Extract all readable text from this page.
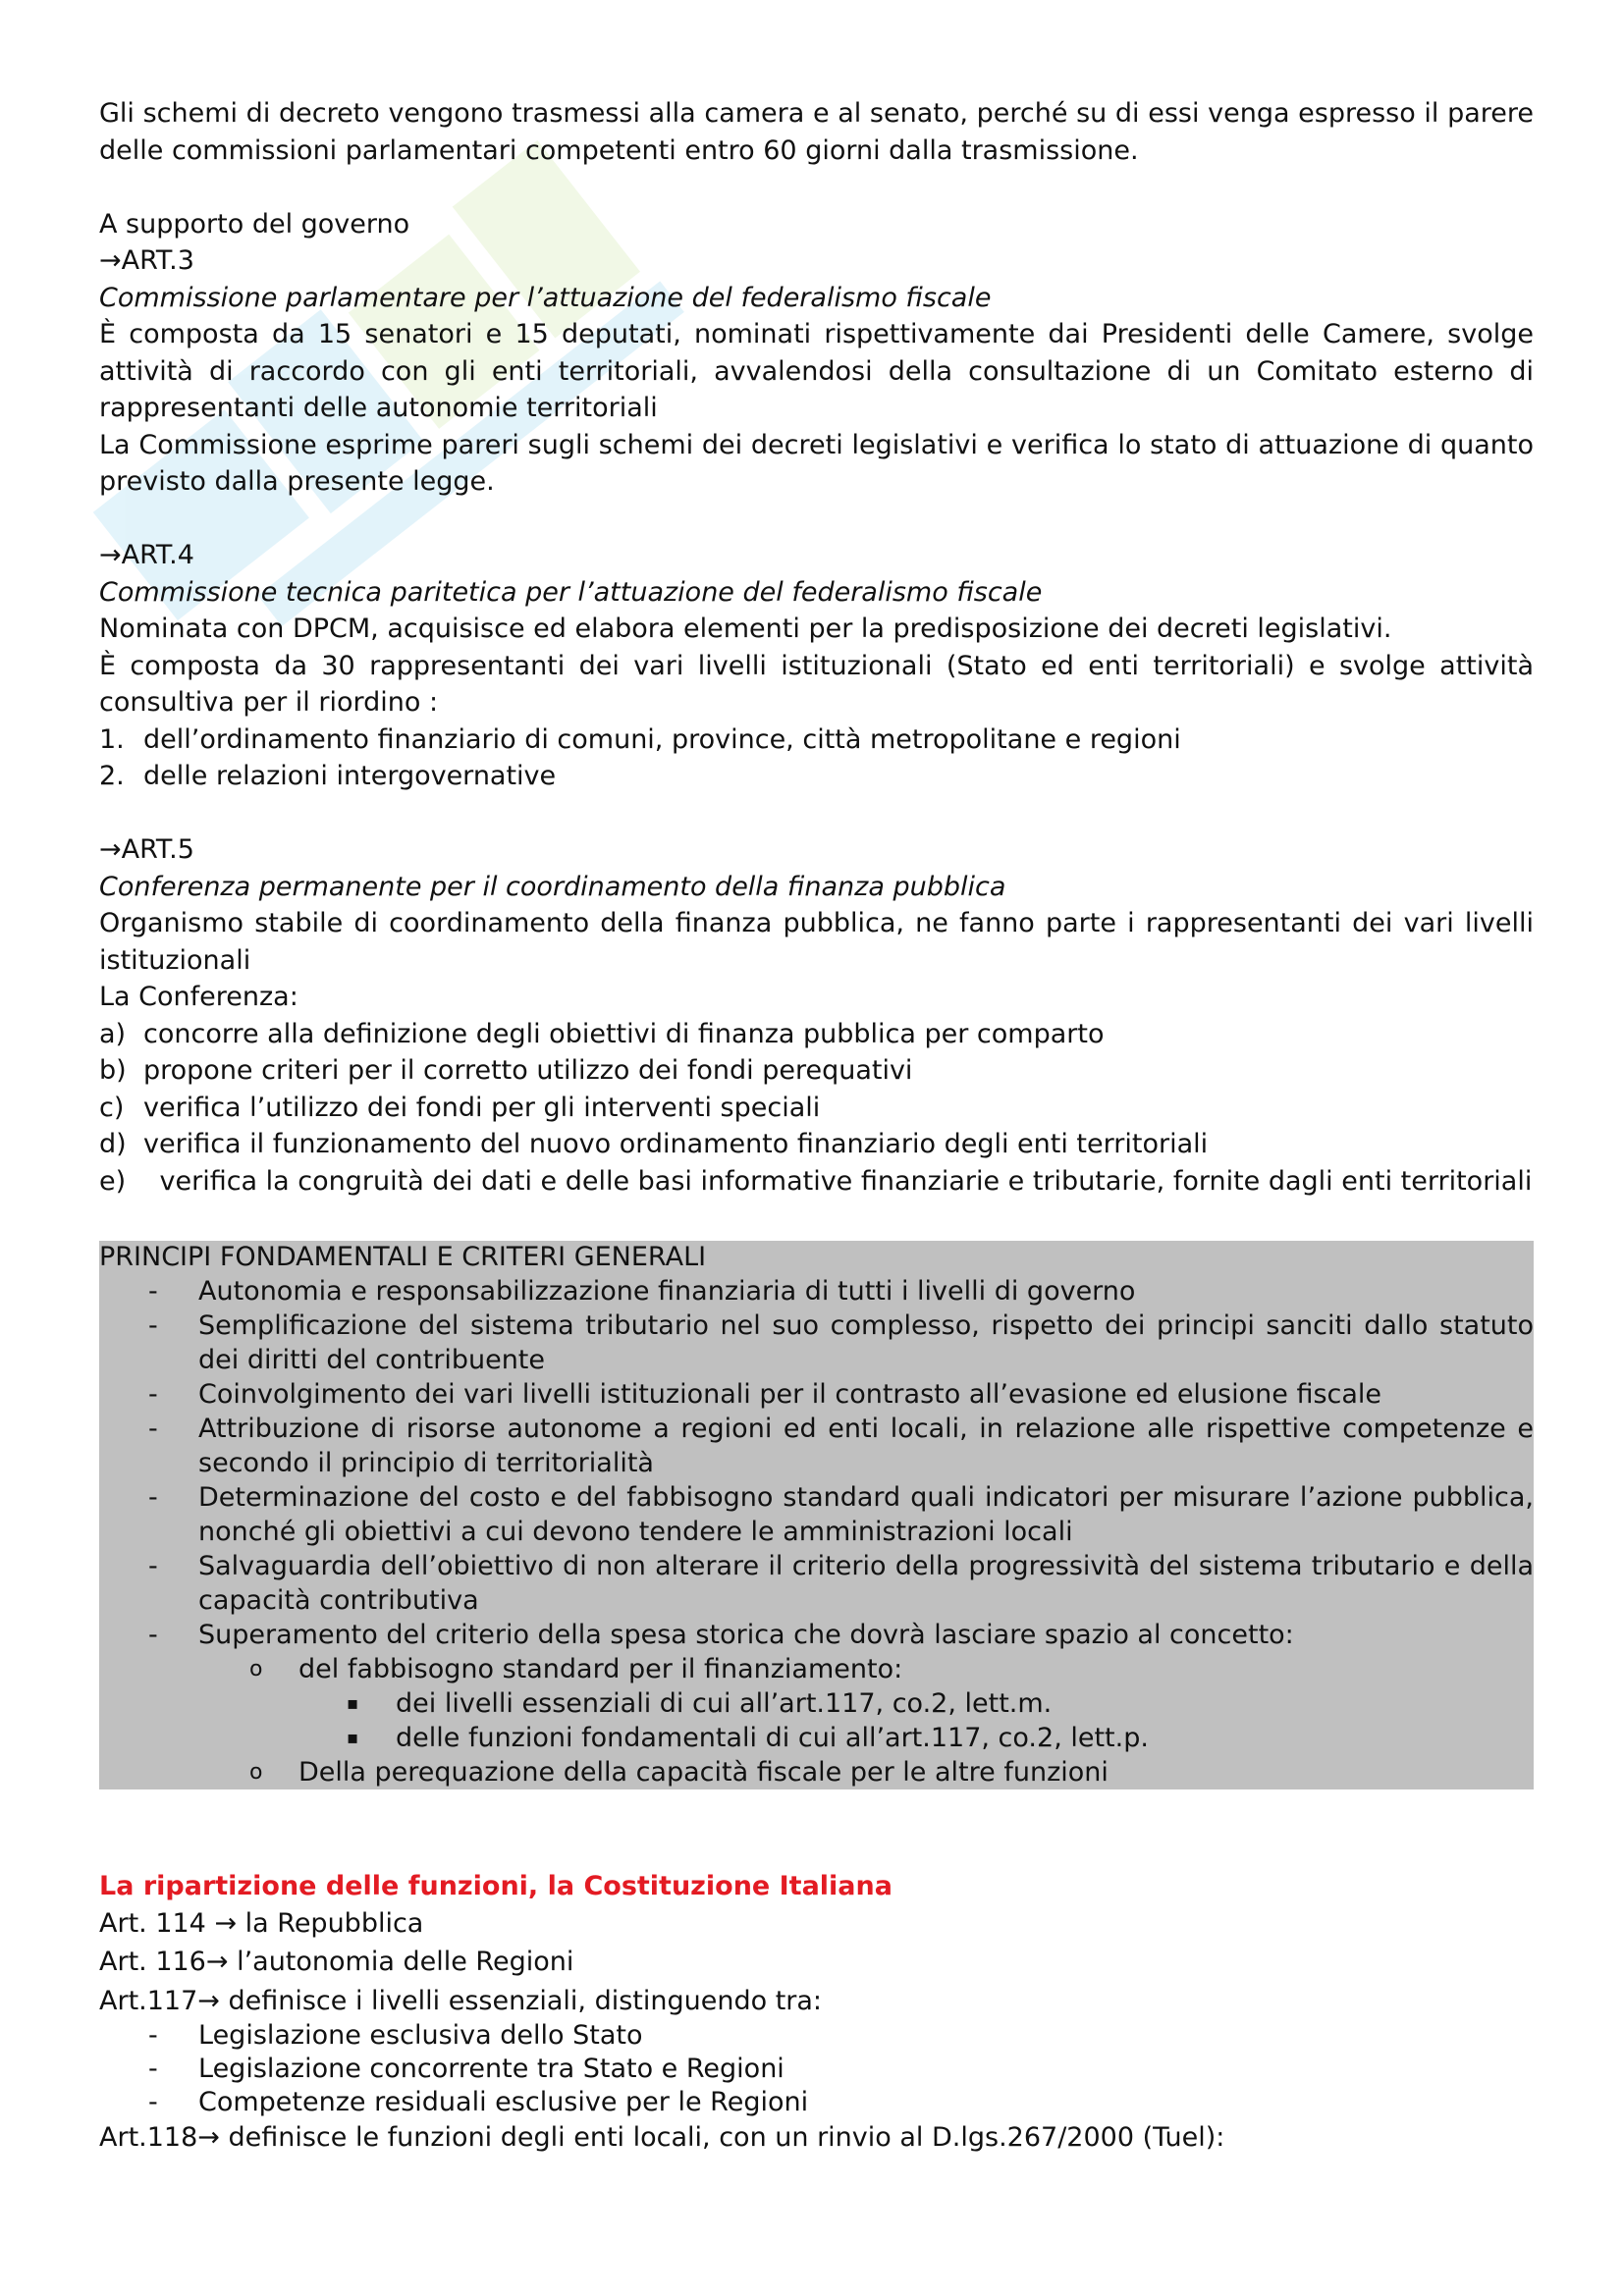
Gli schemi di decreto vengono trasmessi alla camera e al senato, perché su di essi venga espresso il parere delle commissioni parlamentari competenti entro 60 giorni dalla trasmissione.

A supporto del governo

→ART.3

Commissione parlamentare per l’attuazione del federalismo fiscale

È composta da 15 senatori e 15 deputati, nominati rispettivamente dai Presidenti delle Camere, svolge attività di raccordo con gli enti territoriali, avvalendosi della consultazione di un Comitato esterno di rappresentanti delle autonomie territoriali

La Commissione esprime pareri sugli schemi dei decreti legislativi e verifica lo stato di attuazione di quanto previsto dalla presente legge.

→ART.4

Commissione tecnica paritetica per l’attuazione del federalismo fiscale

Nominata con DPCM, acquisisce ed elabora elementi per la predisposizione dei decreti legislativi.

È composta da 30 rappresentanti dei vari livelli istituzionali (Stato ed enti territoriali) e svolge attività consultiva per il riordino :

1. dell’ordinamento finanziario di comuni, province, città metropolitane e regioni
2. delle relazioni intergovernative

→ART.5

Conferenza permanente per il coordinamento della finanza pubblica

Organismo stabile di coordinamento della finanza pubblica, ne fanno parte i rappresentanti dei vari livelli istituzionali

La Conferenza:

a) concorre alla definizione degli obiettivi di finanza pubblica per comparto
b) propone criteri per il corretto utilizzo dei fondi perequativi
c) verifica l’utilizzo dei fondi per gli interventi speciali
d) verifica il funzionamento del nuovo ordinamento finanziario degli enti territoriali

e) verifica la congruità dei dati e delle basi informative finanziarie e tributarie, fornite dagli enti territoriali

PRINCIPI FONDAMENTALI E CRITERI GENERALI

-	Autonomia e responsabilizzazione finanziaria di tutti i livelli di governo
-	Semplificazione del sistema tributario nel suo complesso, rispetto dei principi sanciti dallo statuto dei diritti del contribuente
-	Coinvolgimento dei vari livelli istituzionali per il contrasto all’evasione ed elusione fiscale
-	Attribuzione di risorse autonome a regioni ed enti locali, in relazione alle rispettive competenze e secondo il principio di territorialità
-	Determinazione del costo e del fabbisogno standard quali indicatori per misurare l’azione pubblica, nonché gli obiettivi a cui devono tendere le amministrazioni locali
-	Salvaguardia dell’obiettivo di non alterare il criterio della progressività del sistema tributario e della capacità contributiva
-	Superamento del criterio della spesa storica che dovrà lasciare spazio al concetto:
o	del fabbisogno standard per il finanziamento:
▪	dei livelli essenziali di cui all’art.117, co.2, lett.m.
▪	delle funzioni fondamentali di cui all’art.117, co.2, lett.p.
o	Della perequazione della capacità fiscale per le altre funzioni

La ripartizione delle funzioni, la Costituzione Italiana

Art. 114 → la Repubblica

Art. 116→ l’autonomia delle Regioni

Art.117→ definisce i livelli essenziali, distinguendo tra:

-	Legislazione esclusiva dello Stato
-	Legislazione concorrente tra Stato e Regioni
-	Competenze residuali esclusive per le Regioni

Art.118→ definisce le funzioni degli enti locali, con un rinvio al D.lgs.267/2000 (Tuel):
